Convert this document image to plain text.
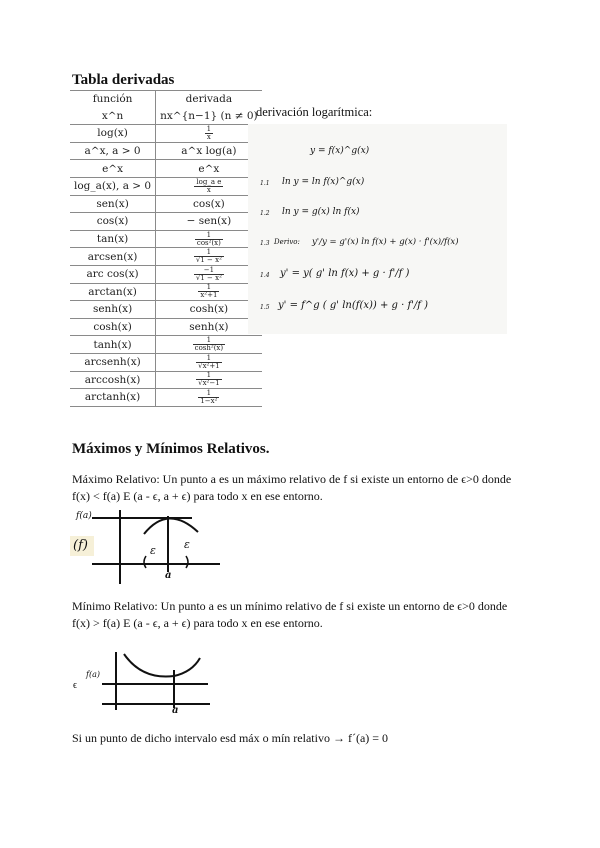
Tabla derivadas
función	derivada
x^n	nx^{n−1} (n ≠ 0)
log(x)	$\frac{1}{x}$

a^x, a > 0	a^x log(a)
e^x	e^x
log_a(x), a > 0	$\frac{\text{log\_a e}}{x}$

sen(x)	cos(x)
cos(x)	− sen(x)
tan(x)	$\frac{1}{\text{cos²(x)}}$

arcsen(x)	$\frac{1}{\text{√1 − x²}}$

arc cos(x)	$\frac{-1}{\text{√1 − x²}}$

arctan(x)	$\frac{1}{\text{x²+1}}$

senh(x)	cosh(x)
cosh(x)	senh(x)
tanh(x)	$\frac{1}{\text{cosh²(x)}}$

arcsenh(x)	$\frac{1}{\text{√x²+1}}$

arccosh(x)	$\frac{1}{\text{√x²−1}}$

arctanh(x)	$\frac{1}{\text{1−x²}}$
derivación logarítmica:
y = f(x)^g(x)
1.1 ln y = ln f(x)^g(x)
1.2 ln y = g(x) ln f(x)
1.3 Derivo: y'/y = g'(x) ln f(x) + g(x) · f'(x)/f(x)
1.4 y' = y( g' ln f(x) + g · f'/f )
1.5 y' = f^g ( g' ln(f(x)) + g · f'/f )
Máximos y Mínimos Relativos.
Máximo Relativo: Un punto a es un máximo relativo de f si existe un entorno de ϵ>0 donde
f(x) < f(a) E (a - ϵ, a + ϵ) para todo x en ese entorno.
f(a)
(f)	ε	ε
a
Mínimo Relativo: Un punto a es un mínimo relativo de f si existe un entorno de ϵ>0 donde
f(x) > f(a) E (a - ϵ, a + ϵ) para todo x en ese entorno.
f(a)
ϵ
a
Si un punto de dicho intervalo esd máx o mín relativo → f´(a) = 0
